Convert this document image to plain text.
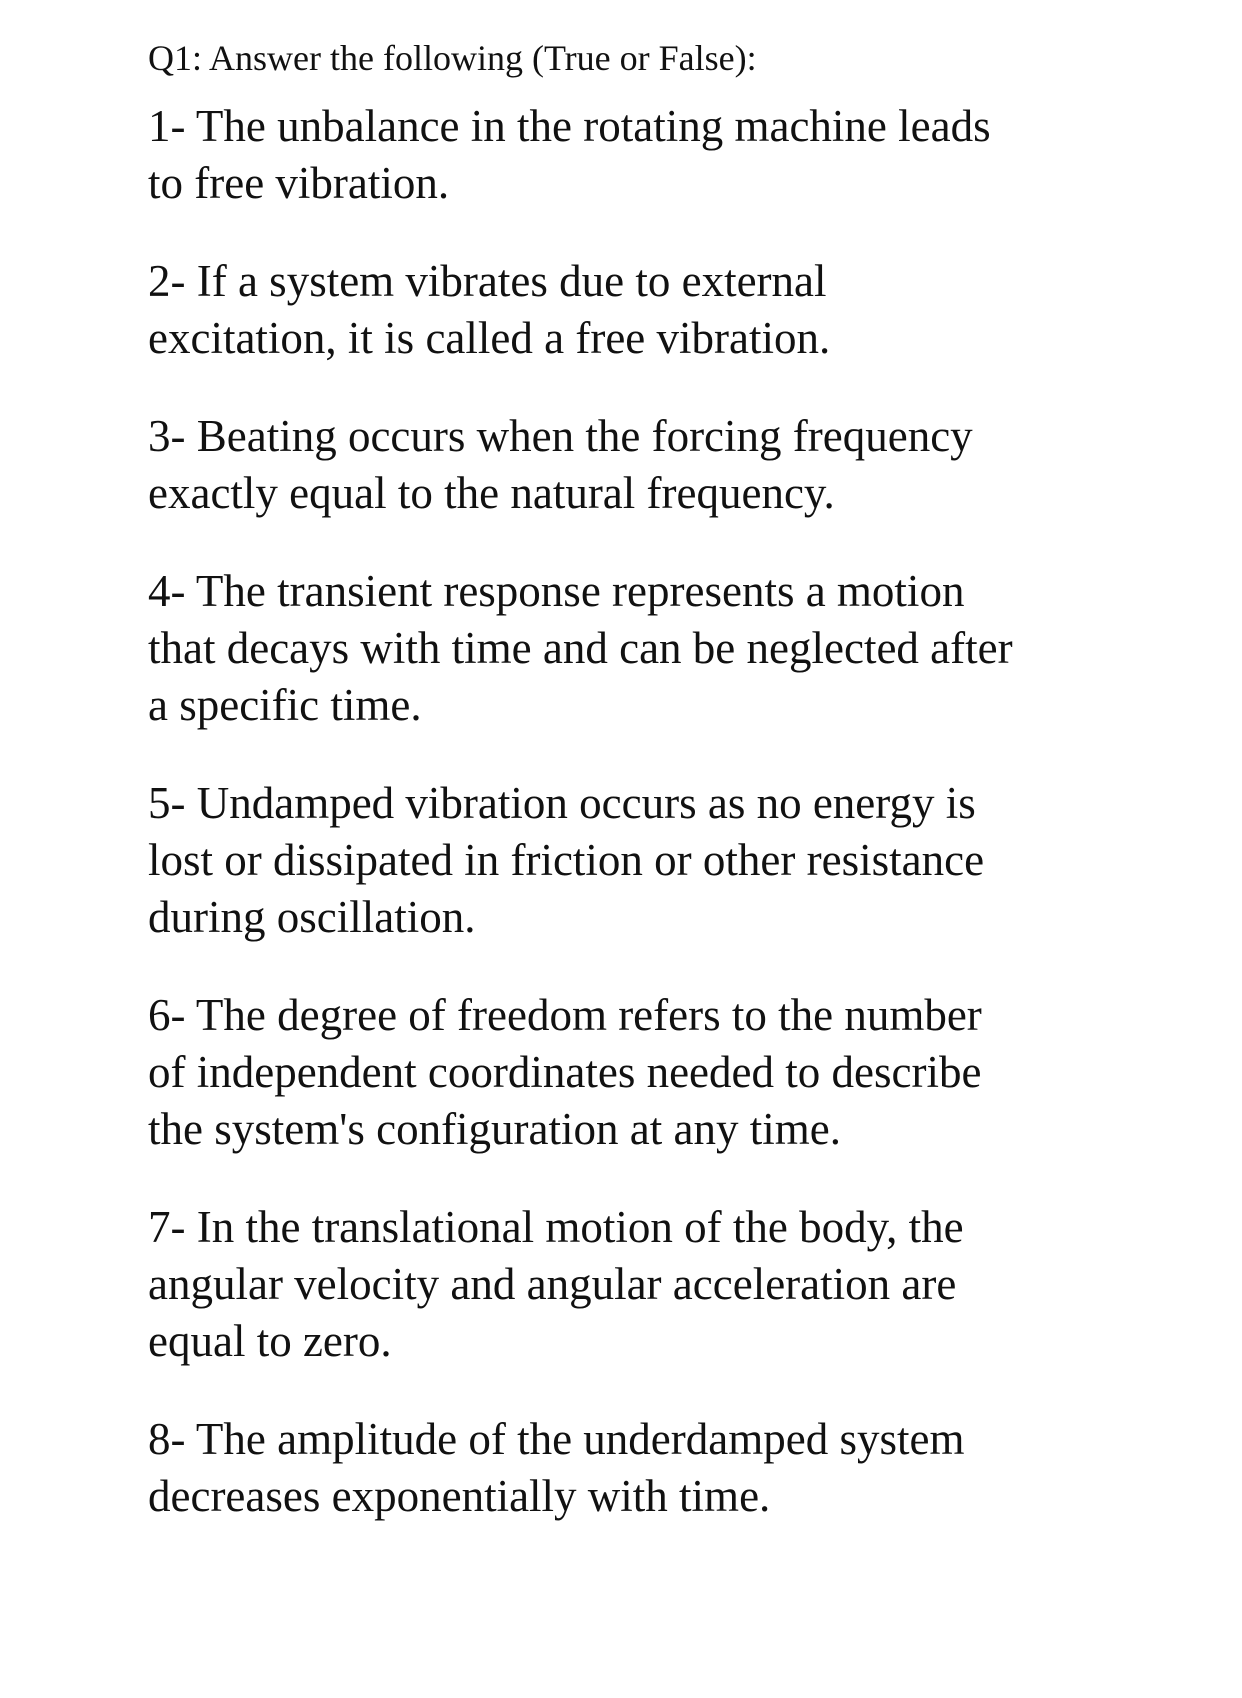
Q1: Answer the following (True or False):
1- The unbalance in the rotating machine leads
to free vibration.
2- If a system vibrates due to external
excitation, it is called a free vibration.
3- Beating occurs when the forcing frequency
exactly equal to the natural frequency.
4- The transient response represents a motion
that decays with time and can be neglected after
a specific time.
5- Undamped vibration occurs as no energy is
lost or dissipated in friction or other resistance
during oscillation.
6- The degree of freedom refers to the number
of independent coordinates needed to describe
the system's configuration at any time.
7- In the translational motion of the body, the
angular velocity and angular acceleration are
equal to zero.
8- The amplitude of the underdamped system
decreases exponentially with time.
